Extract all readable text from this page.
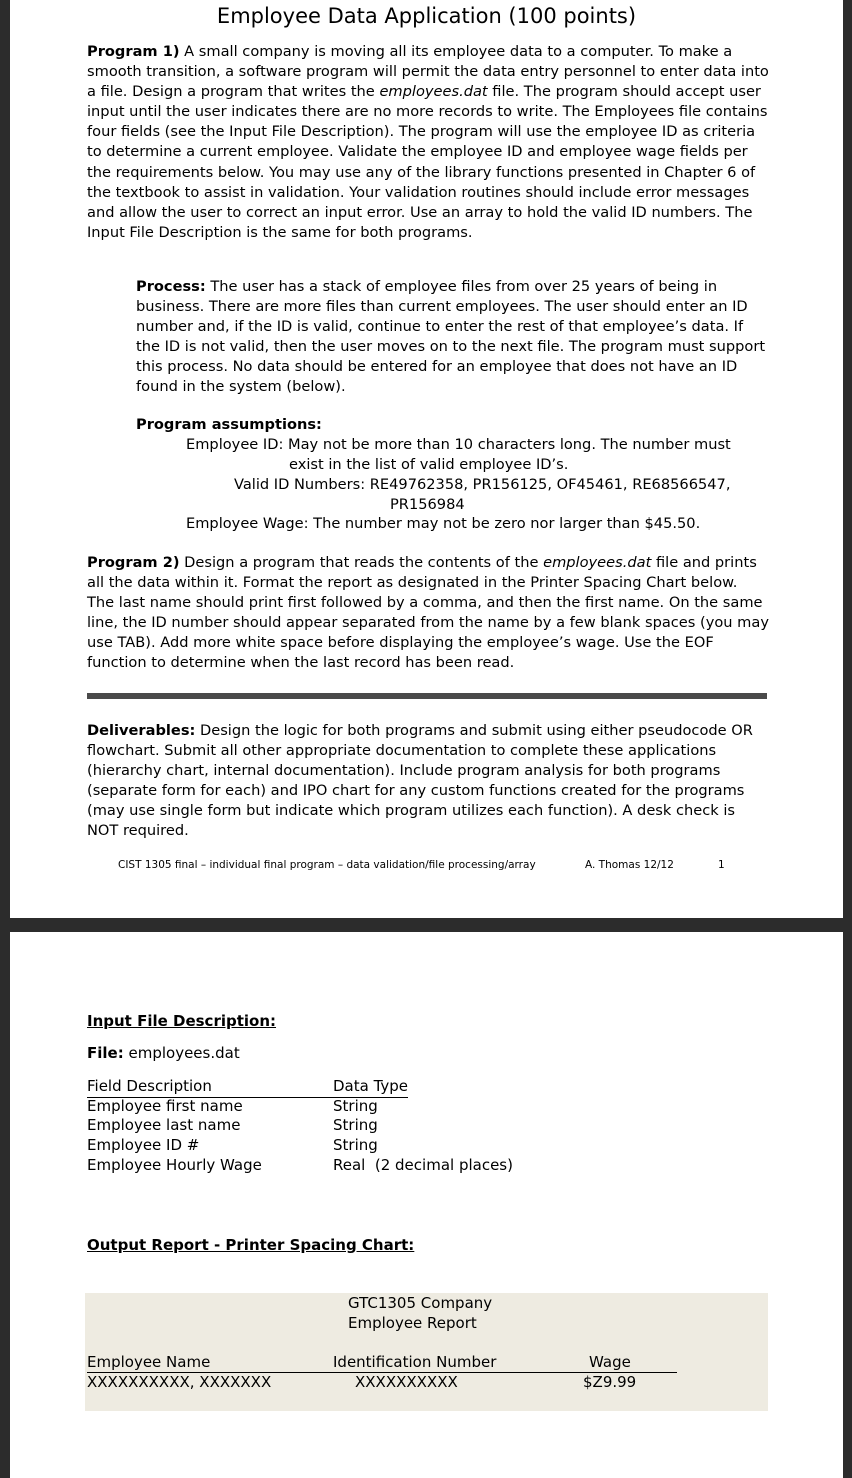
Employee Data Application (100 points)

Program 1) A small company is moving all its employee data to a computer. To make a smooth transition, a software program will permit the data entry personnel to enter data into a file. Design a program that writes the employees.dat file. The program should accept user input until the user indicates there are no more records to write. The Employees file contains four fields (see the Input File Description). The program will use the employee ID as criteria to determine a current employee. Validate the employee ID and employee wage fields per the requirements below. You may use any of the library functions presented in Chapter 6 of the textbook to assist in validation. Your validation routines should include error messages and allow the user to correct an input error. Use an array to hold the valid ID numbers. The Input File Description is the same for both programs.

Process: The user has a stack of employee files from over 25 years of being in business. There are more files than current employees. The user should enter an ID number and, if the ID is valid, continue to enter the rest of that employee’s data. If the ID is not valid, then the user moves on to the next file. The program must support this process. No data should be entered for an employee that does not have an ID found in the system (below).

Program assumptions:
Employee ID: May not be more than 10 characters long. The number must
exist in the list of valid employee ID’s.
Valid ID Numbers: RE49762358, PR156125, OF45461, RE68566547,
PR156984
Employee Wage: The number may not be zero nor larger than $45.50.

Program 2) Design a program that reads the contents of the employees.dat file and prints all the data within it. Format the report as designated in the Printer Spacing Chart below. The last name should print first followed by a comma, and then the first name. On the same line, the ID number should appear separated from the name by a few blank spaces (you may use TAB). Add more white space before displaying the employee’s wage. Use the EOF function to determine when the last record has been read.

Deliverables: Design the logic for both programs and submit using either pseudocode OR flowchart. Submit all other appropriate documentation to complete these applications (hierarchy chart, internal documentation). Include program analysis for both programs (separate form for each) and IPO chart for any custom functions created for the programs (may use single form but indicate which program utilizes each function). A desk check is NOT required.

CIST 1305 final – individual final program – data validation/file processing/array	A. Thomas 12/12	1
Input File Description:
File: employees.dat
Field Description	Data Type
Employee first name	String
Employee last name	String
Employee ID #	String
Employee Hourly Wage	Real  (2 decimal places)
Output Report - Printer Spacing Chart:
GTC1305 Company
Employee Report
Employee Name	Identification Number	Wage
XXXXXXXXXX, XXXXXXX	XXXXXXXXXX	$Z9.99
